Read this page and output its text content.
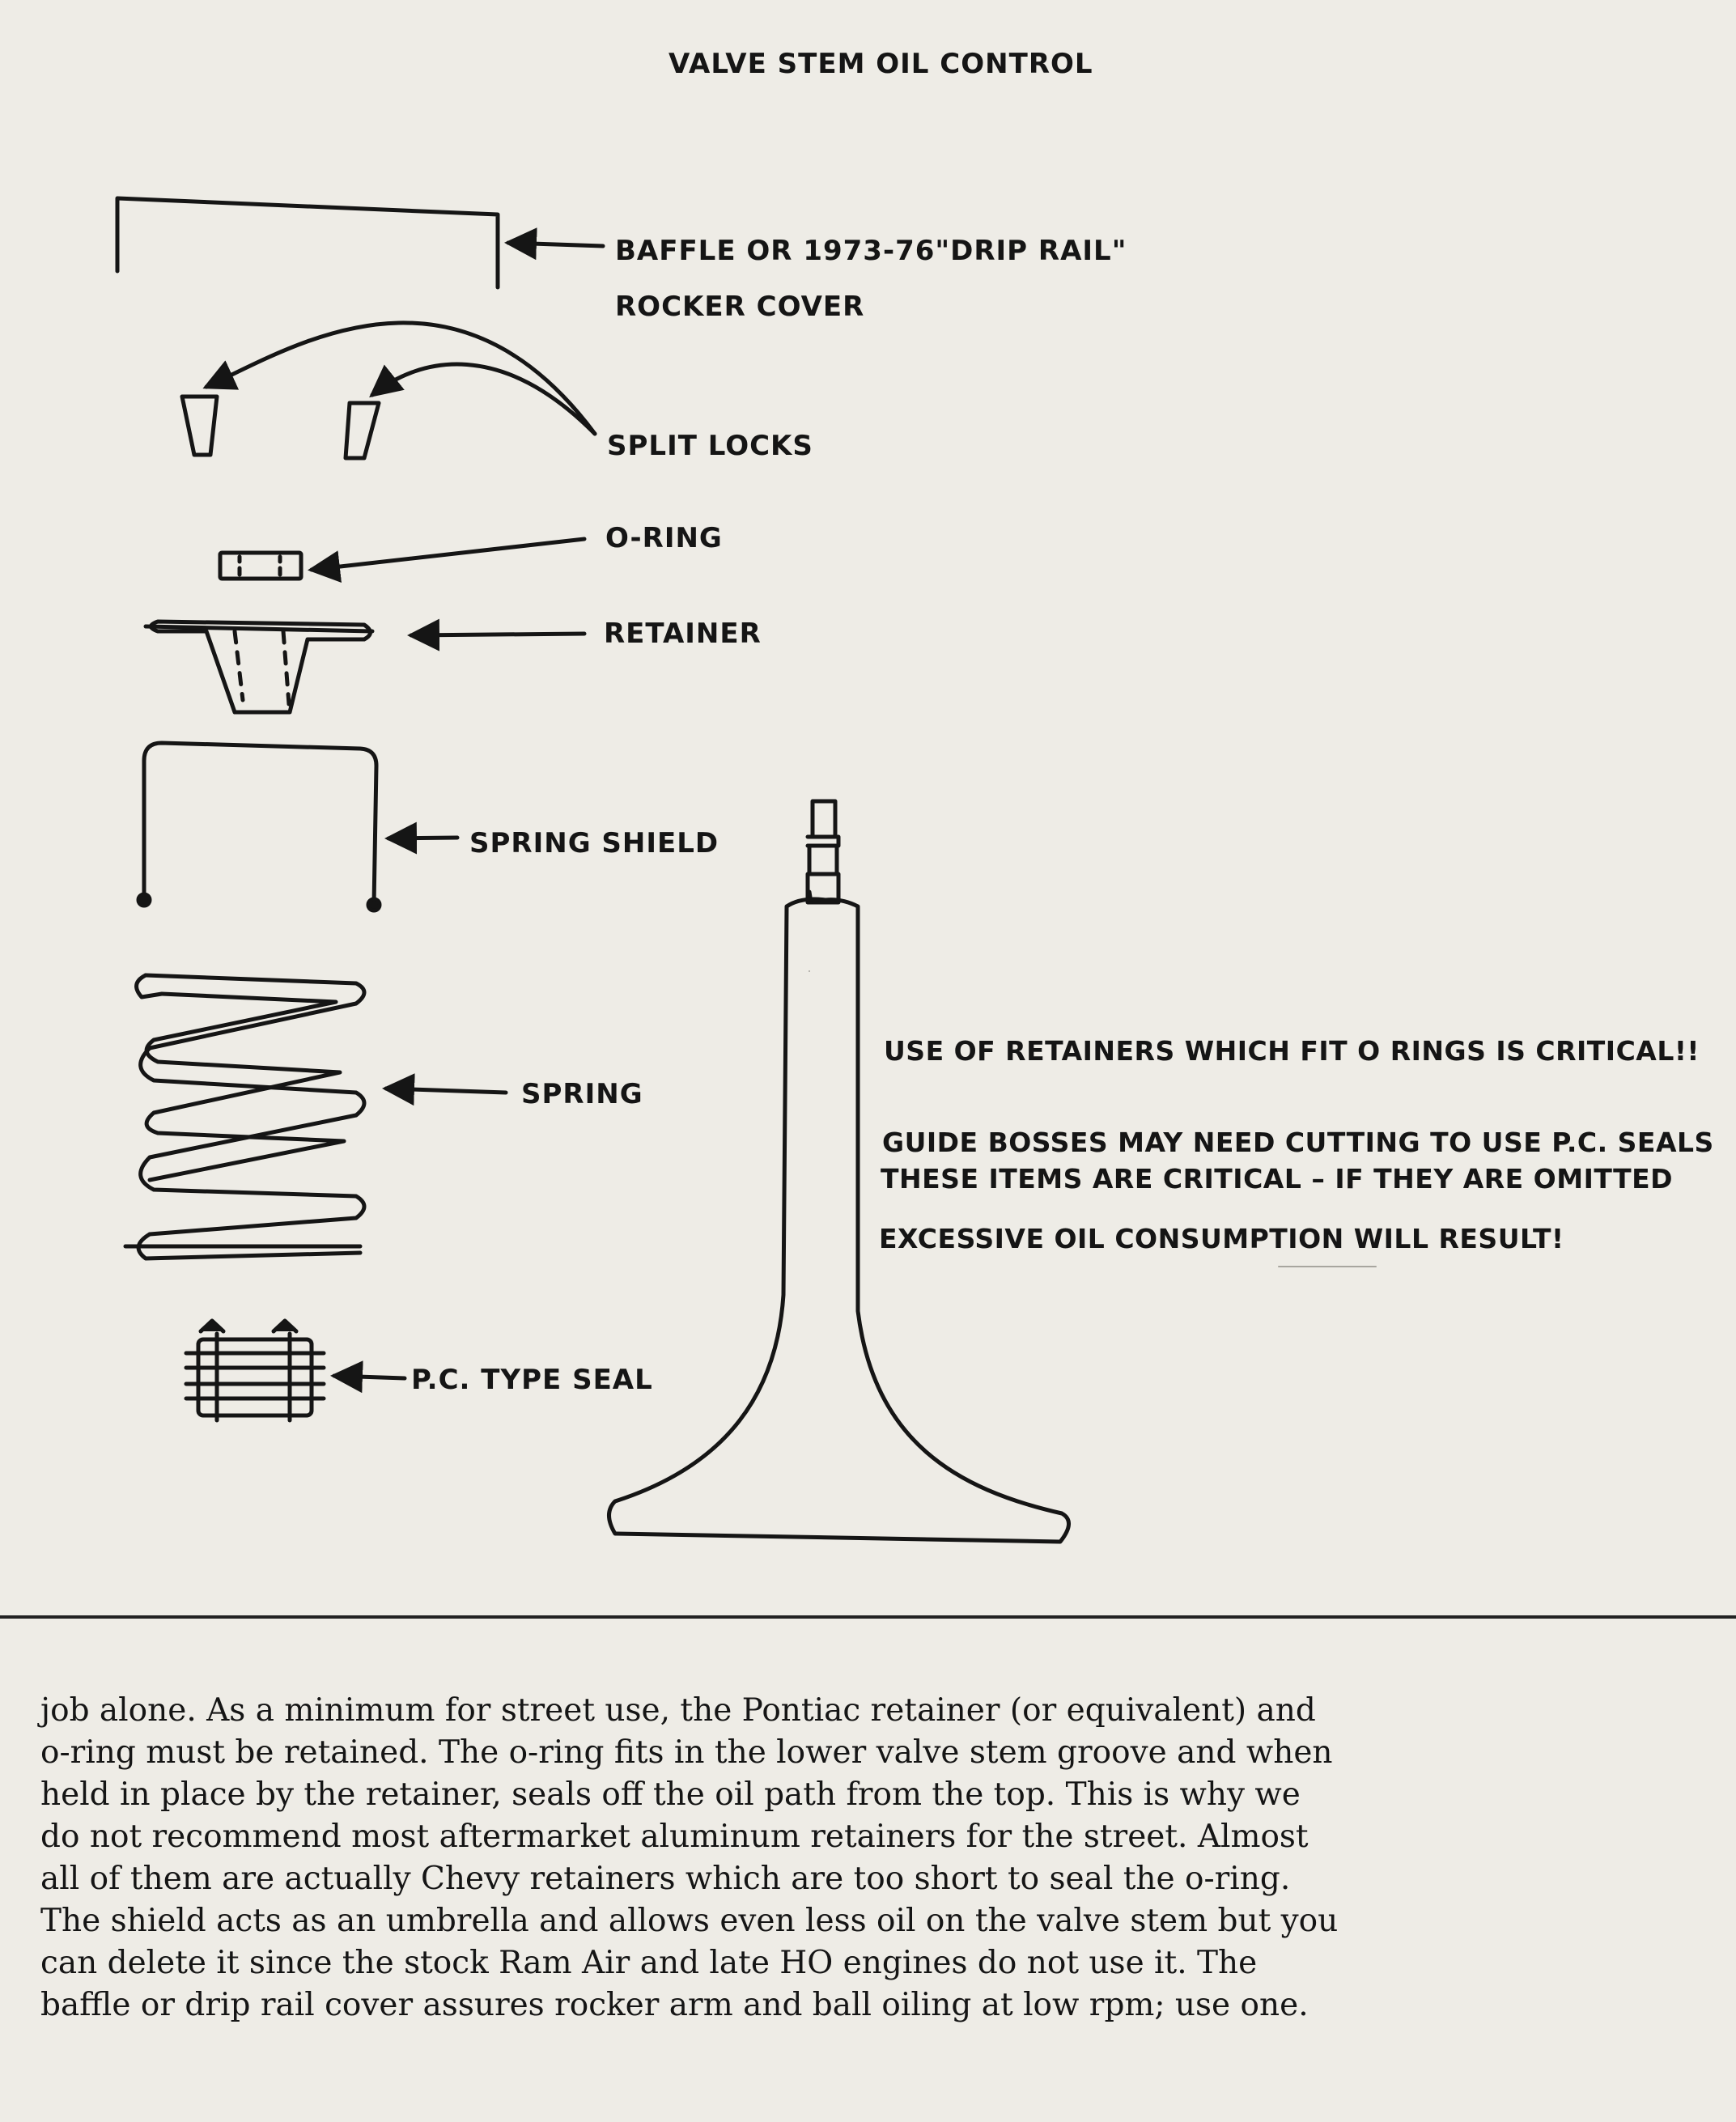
VALVE STEM OIL CONTROL
BAFFLE OR 1973-76"DRIP RAIL"
ROCKER COVER
SPLIT LOCKS
O-RING
RETAINER
SPRING SHIELD
SPRING
P.C. TYPE SEAL
USE OF RETAINERS WHICH FIT O RINGS IS CRITICAL!!
GUIDE BOSSES MAY NEED CUTTING TO USE P.C. SEALS
THESE ITEMS ARE CRITICAL – IF THEY ARE OMITTED
EXCESSIVE OIL CONSUMPTION WILL RESULT!

job alone. As a minimum for street use, the Pontiac retainer (or equivalent) and

o-ring must be retained. The o-ring fits in the lower valve stem groove and when

held in place by the retainer, seals off the oil path from the top. This is why we

do not recommend most aftermarket aluminum retainers for the street. Almost

all of them are actually Chevy retainers which are too short to seal the o-ring.

The shield acts as an umbrella and allows even less oil on the valve stem but you

can delete it since the stock Ram Air and late HO engines do not use it. The

baffle or drip rail cover assures rocker arm and ball oiling at low rpm; use one.
